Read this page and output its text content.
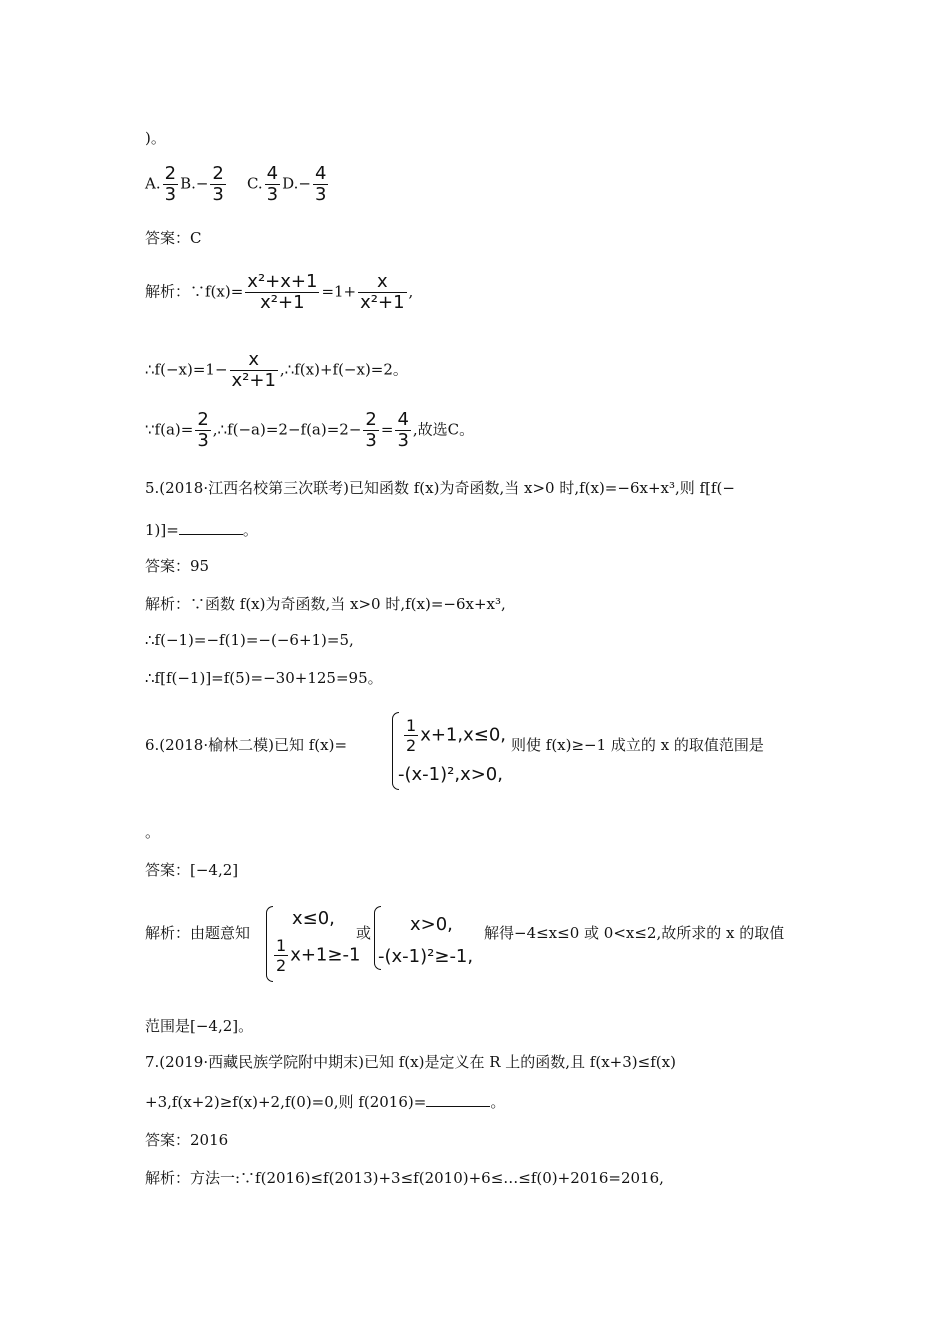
)。
A. $\frac{2}{3} B.- \frac{2}{3} C$. $\frac{4}{3} D.- \frac{4}{3}$
答案：C
解析：∵f(x)= $\frac{\text{x²+x+1}}{\text{x²+1}} =1+ \frac{x}{\text{x²+1}}$ ,
∴f(−x)=1− $\frac{x}{\text{x²+1}}$ ,∴f(x)+f(−x)=2。
∵f(a)= $\frac{2}{3}$ ,∴f(−a)=2−f(a)=2− $\frac{2}{3} = \frac{4}{3}$ ,故选C。
5.(2018·江西名校第三次联考)已知函数 f(x)为奇函数,当 x>0 时,f(x)=−6x+x³,则 f[f(−
1)]=	。
答案：95
解析：∵函数 f(x)为奇函数,当 x>0 时,f(x)=−6x+x³,
∴f(−1)=−f(1)=−(−6+1)=5,
∴f[f(−1)]=f(5)=−30+125=95。
6.(2018·榆林二模)已知 f(x)=	$\frac{1}{2} x+1,x\le 0$,
-(x-1)²,x>0,
则使 f(x)≥−1 成立的 x 的取值范围是
。
答案：[−4,2]
解析：由题意知
x≤0,
$\frac{1}{2} x+1\ge-1$
或 x>0,
-(x-1)²≥-1,
解得−4≤x≤0 或 0<x≤2,故所求的 x 的取值
范围是[−4,2]。
7.(2019·西藏民族学院附中期末)已知 f(x)是定义在 R 上的函数,且 f(x+3)≤f(x)
+3,f(x+2)≥f(x)+2,f(0)=0,则 f(2016)=	。
答案：2016
解析：方法一:∵f(2016)≤f(2013)+3≤f(2010)+6≤…≤f(0)+2016=2016,
